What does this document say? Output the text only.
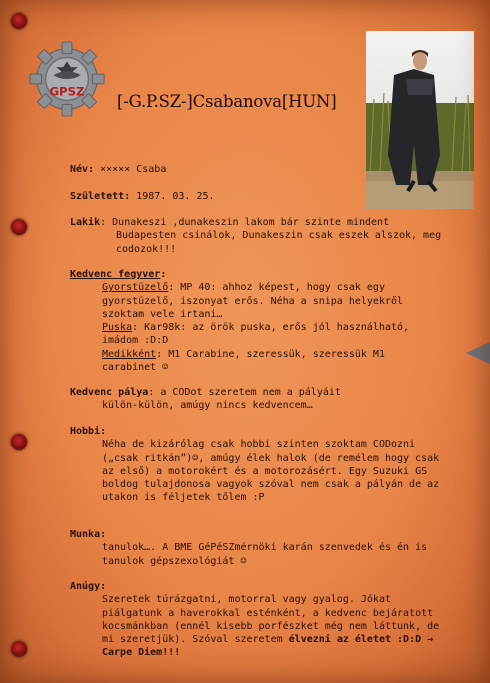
GPSZ
[-G.P.SZ-]Csabanova[HUN]
Név: ××××× Csaba
Született: 1987. 03. 25.
Lakik: Dunakeszi ,dunakeszin lakom bár szinte mindent
Budapesten csinálok, Dunakeszin csak eszek alszok, meg codozok!!!
Kedvenc fegyver:
Gyorstüzelő: MP 40: ahhoz képest, hogy csak egy gyorstüzelő, iszonyat erős. Néha a snipa helyekről szoktam vele irtani…
Puska: Kar98k: az örök puska, erős jól használható, imádom :D:D
Medikként: M1 Carabine, szeressük, szeressük M1 carabinet ☺
Kedvenc pálya: a CODot szeretem nem a pályáit
külön-külön, amúgy nincs kedvencem…
Hobbi:
Néha de kizárólag csak hobbi szinten szoktam CODozni („csak ritkán”)☺, amúgy élek halok (de remélem hogy csak az első) a motorokért és a motorozásért. Egy Suzuki GS boldog tulajdonosa vagyok szóval nem csak a pályán de az utakon is féljetek tőlem :P
Munka:
tanulok…. A BME GéPéSZmérnöki karán szenvedek és én is tanulok gépszexológiát ☺
Anúgy:
Szeretek túrázgatni, motorral vagy gyalog. Jókat piálgatunk a haverokkal esténként, a kedvenc bejáratott kocsmánkban (ennél kisebb porfészket még nem láttunk, de mi szeretjük). Szóval szeretem élvezni az életet :D:D → Carpe Diem!!!
